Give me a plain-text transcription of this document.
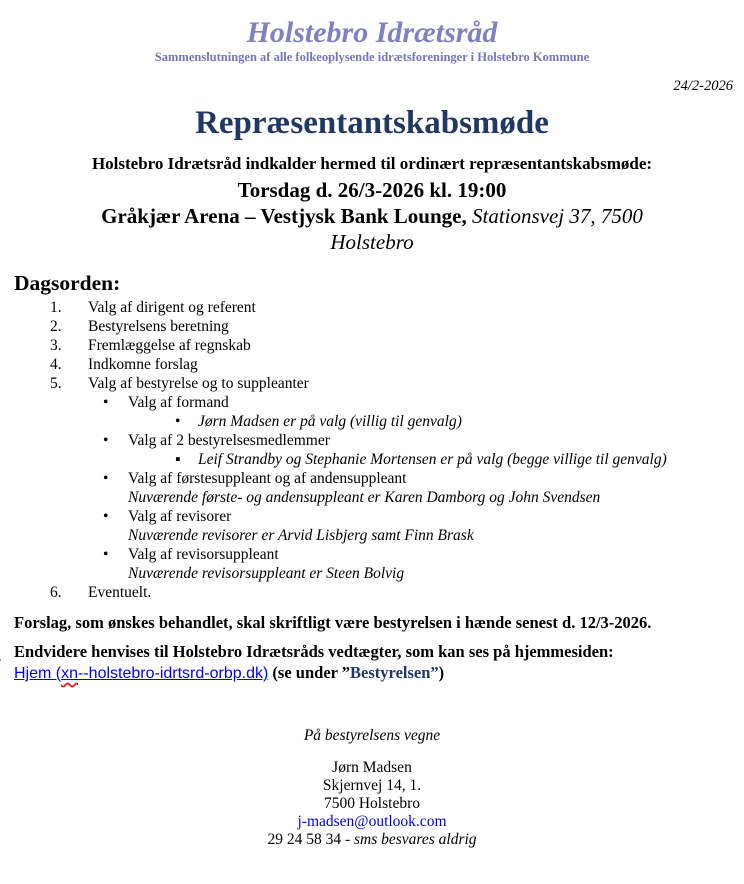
Holstebro Idrætsråd
Sammenslutningen af alle folkeoplysende idrætsforeninger i Holstebro Kommune
24/2-2026
Repræsentantskabsmøde
Holstebro Idrætsråd indkalder hermed til ordinært repræsentantskabsmøde:
Torsdag d. 26/3-2026 kl. 19:00
Gråkjær Arena – Vestjysk Bank Lounge, Stationsvej 37, 7500
Holstebro
Dagsorden:
1.	Valg af dirigent og referent
2.	Bestyrelsens beretning
3.	Fremlæggelse af regnskab
4.	Indkomne forslag
5.	Valg af bestyrelse og to suppleanter
•	Valg af formand
•	Jørn Madsen er på valg (villig til genvalg)
•	Valg af 2 bestyrelsesmedlemmer
▪	Leif Strandby og Stephanie Mortensen er på valg (begge villige til genvalg)
•	Valg af førstesuppleant og af andensuppleant
Nuværende første- og andensuppleant er Karen Damborg og John Svendsen
•	Valg af revisorer
Nuværende revisorer er Arvid Lisbjerg samt Finn Brask
•	Valg af revisorsuppleant
Nuværende revisorsuppleant er Steen Bolvig
6.	Eventuelt.
Forslag, som ønskes behandlet, skal skriftligt være bestyrelsen i hænde senest d. 12/3-2026.
Endvidere henvises til Holstebro Idrætsråds vedtægter, som kan ses på hjemmesiden:
Hjem (xn--holstebro-idrtsrd-orbp.dk) (se under ”Bestyrelsen”)
På bestyrelsens vegne
Jørn Madsen
Skjernvej 14, 1.
7500 Holstebro
j-madsen@outlook.com
29 24 58 34 - sms besvares aldrig
